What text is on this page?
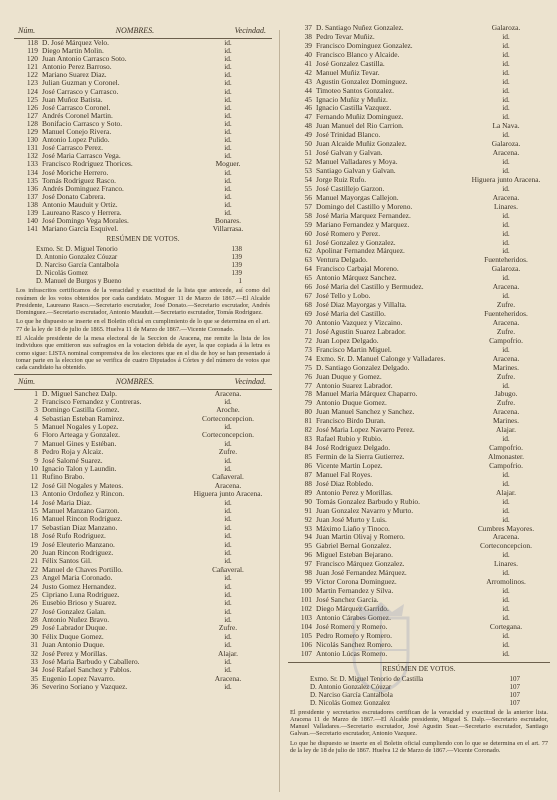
Núm.	NOMBRES.	Vecindad.
118 D. José Márquez Velo.	id.
119 Diego Martin Molin.	id.
120 Juan Antonio Carrasco Soto.	id.
121 Antonio Perez Barroso.	id.
122 Mariano Suarez Diaz.	id.
123 Julian Guzman y Coronel.	id.
124 José Carrasco y Carrasco.	id.
125 Juan Muñoz Batista.	id.
126 José Carrasco Coronel.	id.
127 Andrés Coronel Martin.	id.
128 Bonifacio Carrasco y Soto.	id.
129 Manuel Conejo Rivera.	id.
130 Antonio Lopez Pulido.	id.
131 José Carrasco Perez.	id.
132 José Maria Carrasco Vega.	id.
133 Francisco Rodriguez Thorices.	Moguer.
134 José Moriche Herrero.	id.
135 Tomás Rodriguez Rasco.	id.
136 Andrés Dominguez Franco.	id.
137 José Donato Cabrera.	id.
138 Antonio Mauduit y Ortiz.	id.
139 Laureano Rasco y Herrera.	id.
140 José Domingo Vega Morales.	Bonares.
141 Mariano García Esquivel.	Villarrasa.
RESÚMEN DE VOTOS.
Exmo. Sr. D. Miguel Tenorio	138
D. Antonio Gonzalez Cóuzar	139
D. Narciso García Cantalbola	139
D. Nicolás Gomez	139
D. Manuel de Burgos y Bueno	1
Los infrascritos certificamos de la veracidad y exactitud de la lista que antecede, así como del resúmen de los votos obtenidos por cada candidato. Moguer 11 de Marzo de 1867.—El Alcalde Presidente, Laureano Rasco.—Secretario escrutador, José Donato.—Secretario escrutador, Andrés Dominguez.—Secretario escrutador, Antonio Mauduit.—Secretario escrutador, Tomás Rodriguez.
Lo que he dispuesto se inserte en el Boletin oficial en cumplimiento de lo que se determina en el art. 77 de la ley de 18 de julio de 1865. Huelva 11 de Marzo de 1867.—Vicente Coronado.
El Alcalde presidente de la mesa electoral de la Seccion de Aracena, me remite la lista de los individuos que emitieron sus sufragios en la votacion debida de ayer, la que copiada á la letra es como sigue: LISTA nominal comprensiva de los electores que en el dia de hoy se han presentado á tomar parte en la eleccion que se verifica de cuatro Diputados á Córtes y del número de votos que cada candidato ha obtenido.
Núm.	NOMBRES.	Vecindad.
1 D. Miguel Sanchez Dalp.	Aracena.
2 Francisco Fernandez y Contreras.	id.
3 Domingo Castilla Gomez.	Aroche.
4 Sebastian Esteban Ramirez.	Corteconcepcion.
5 Manuel Nogales y Lopez.	id.
6 Floro Arteaga y Gonzalez.	Corteconcepcion.
7 Manuel Gines y Estéban.	id.
8 Pedro Roja y Alcaiz.	Zufre.
9 José Salomé Suarez.	id.
10 Ignacio Talon y Laundin.	id.
11 Rufino Brabo.	Cañaveral.
12 José Gil Nogales y Mateos.	Aracena.
13 Antonio Ordoñez y Rincon.	Higuera junto Aracena.
14 José Maria Diaz.	id.
15 Manuel Manzano Garzon.	id.
16 Manuel Rincon Rodriguez.	id.
17 Sebastian Diaz Manzano.	id.
18 José Rufo Rodriguez.	id.
19 José Eleuterio Manzano.	id.
20 Juan Rincon Rodriguez.	id.
21 Félix Santos Gil.	id.
22 Manuel de Chaves Portillo.	Cañaveral.
23 Angel Maria Coronado.	id.
24 Justo Gomez Hernandez.	id.
25 Cipriano Luna Rodriguez.	id.
26 Eusebio Brioso y Suarez.	id.
27 José Gonzalez Galan.	id.
28 Antonio Nuñez Bravo.	id.
29 José Labrador Duque.	Zufre.
30 Félix Duque Gomez.	id.
31 Juan Antonio Duque.	id.
32 José Perez y Morillas.	Alajar.
33 José Maria Barbudo y Caballero.	id.
34 José Rafael Sanchez y Pablos.	id.
35 Eugenio Lopez Navarro.	Aracena.
36 Severino Soriano y Vazquez.	id.
37 D. Santiago Nuñez Gonzalez.	Galaroza.
38 Pedro Tevar Muñiz.	id.
39 Francisco Dominguez Gonzalez.	id.
40 Francisco Blanco y Alcaide.	id.
41 José Gonzalez Castilla.	id.
42 Manuel Muñiz Tevar.	id.
43 Agustin Gonzalez Dominguez.	id.
44 Timoteo Santos Gonzalez.	id.
45 Ignacio Muñiz y Muñiz.	id.
46 Ignacio Castilla Vazquez.	id.
47 Fernando Muñiz Dominguez.	id.
48 Juan Manuel del Rio Carrion.	La Nava.
49 José Trinidad Blanco.	id.
50 Juan Alcaide Muñiz Gonzalez.	Galaroza.
51 José Galvan y Galvan.	Aracena.
52 Manuel Valladares y Moya.	id.
53 Santiago Galvan y Galvan.	id.
54 Jorge Ruiz Rufo.	Higuera junto Aracena.
55 José Castillejo Garzon.	id.
56 Manuel Mayorgas Callejon.	Aracena.
57 Domingo del Castillo y Moreno.	Linares.
58 José Maria Marquez Fernandez.	id.
59 Mariano Fernandez y Marquez.	id.
60 José Romero y Perez.	id.
61 José Gonzalez y Gonzalez.	id.
62 Apolinar Fernandez Márquez.	id.
63 Ventura Delgado.	Fuenteheridos.
64 Francisco Carbajal Moreno.	Galaroza.
65 Antonio Márquez Sanchez.	id.
66 José Maria del Castillo y Bermudez.	Aracena.
67 José Tello y Lobo.	id.
68 José Diaz Mayorgas y Villalta.	Zufre.
69 José Maria del Castillo.	Fuenteheridos.
70 Antonio Vazquez y Vizcaino.	Aracena.
71 José Agustin Suarez Labrador.	Zufre.
72 Juan Lopez Delgado.	Campofrio.
73 Francisco Martin Miguel.	id.
74 Exmo. Sr. D. Manuel Calonge y Valladares.	Aracena.
75 D. Santiago Gonzalez Delgado.	Marines.
76 Juan Duque y Gomez.	Zufre.
77 Antonio Suarez Labrador.	id.
78 Manuel Maria Márquez Chaparro.	Jabugo.
79 Antonio Duque Gomez.	Zufre.
80 Juan Manuel Sanchez y Sanchez.	Aracena.
81 Francisco Birdo Duran.	Marines.
82 José Maria Lopez Navarro Perez.	Alajar.
83 Rafael Rubio y Rubio.	id.
84 José Rodriguez Delgado.	Campofrio.
85 Fermin de la Sierra Gutierrez.	Almonaster.
86 Vicente Martin Lopez.	Campofrio.
87 Manuel Fal Royes.	id.
88 José Diaz Robledo.	id.
89 Antonio Perez y Morillas.	Alajar.
90 Tomás Gonzalez Barbudo y Rubio.	id.
91 Juan Gonzalez Navarro y Murto.	id.
92 Juan José Murto y Luis.	id.
93 Máximo Liaño y Tinoco.	Cumbres Mayores.
94 Juan Martin Olivaj y Romero.	Aracena.
95 Gabriel Bernal Gonzalez.	Corteconcepcion.
96 Miguel Esteban Bejarano.	id.
97 Francisco Márquez Gonzalez.	Linares.
98 Juan José Fernandez Márquez.	id.
99 Víctor Corona Dominguez.	Arromolinos.
100 Martin Fernandez y Silva.	id.
101 José Sanchez García.	id.
102 Diego Márquez Garrido.	id.
103 Antonio Cárabes Gomez.	id.
104 José Romero y Romero.	Cortegana.
105 Pedro Romero y Romero.	id.
106 Nicolás Sanchez Romero.	id.
107 Antonio Lúcas Romero.	id.
RESÚMEN DE VOTOS.
Exmo. Sr. D. Miguel Tenorio de Castilla	107
D. Antonio Gonzalez Cóuzar	107
D. Narciso García Cantalbola	107
D. Nicolás Gomez Gonzalez	107
El presidente y secretarios escrutadores certifican de la veracidad y exactitud de la anterior lista. Aracena 11 de Marzo de 1867.—El Alcalde presidente, Miguel S. Dalp.—Secretario escrutador, Manuel Valladares.—Secretario escrutador, José Agustin Suar.—Secretario escrutador, Santiago Galvan.—Secretario escrutador, Antonio Vazquez.
Lo que he dispuesto se inserte en el Boletin oficial cumpliendo con lo que se determina en el art. 77 de la ley de 18 de julio de 1867. Huelva 12 de Marzo de 1867.—Vicente Coronado.
